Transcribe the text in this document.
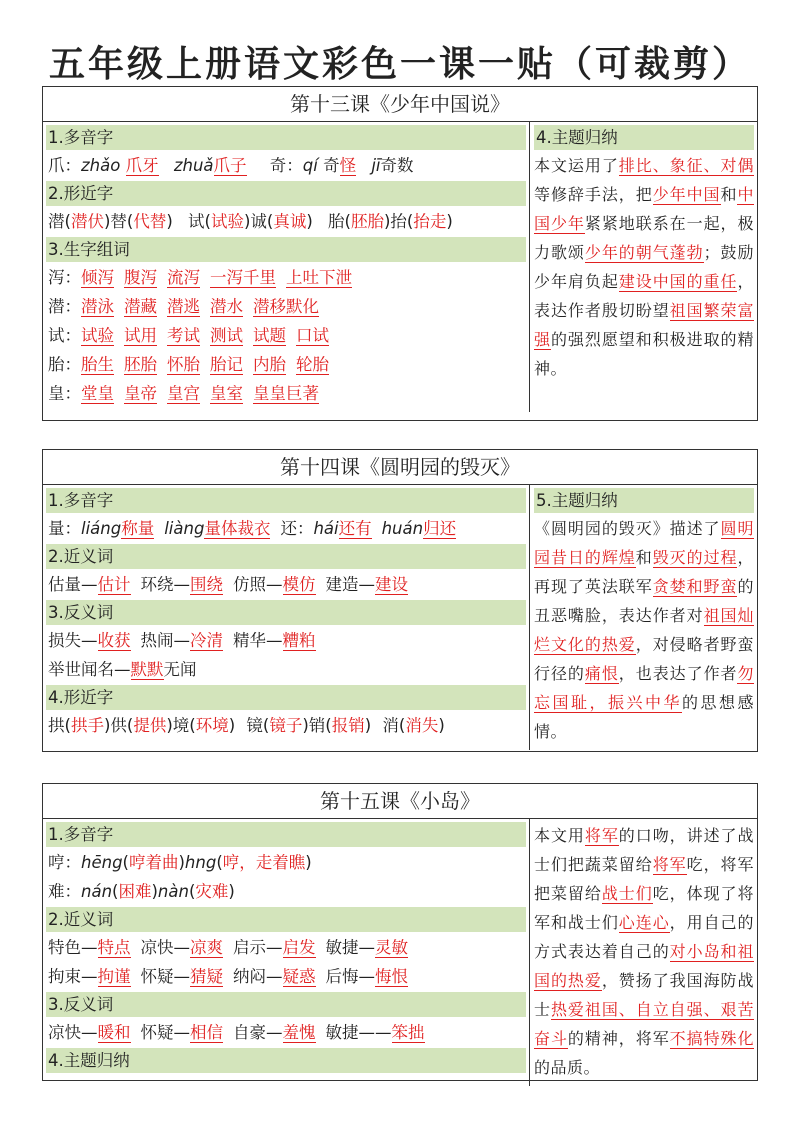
五年级上册语文彩色一课一贴（可裁剪）
第十三课《少年中国说》
1.多音字
爪：zhǎo 爪牙 zhuǎ爪子 奇：qí 奇怪 jī奇数
2.形近字
潜(潜伏)替(代替) 试(试验)诚(真诚) 胎(胚胎)抬(抬走)
3.生字组词
泻：倾泻 腹泻 流泻 一泻千里 上吐下泄
潜：潜泳 潜藏 潜逃 潜水 潜移默化
试：试验 试用 考试 测试 试题 口试
胎：胎生 胚胎 怀胎 胎记 内胎 轮胎
皇：堂皇 皇帝 皇宫 皇室 皇皇巨著
4.主题归纳
本文运用了排比、象征、对偶等修辞手法，把少年中国和中国少年紧紧地联系在一起，极力歌颂少年的朝气蓬勃；鼓励少年肩负起建设中国的重任，表达作者殷切盼望祖国繁荣富强的强烈愿望和积极进取的精神。
第十四课《圆明园的毁灭》
1.多音字
量：liáng称量 liàng量体裁衣 还：hái还有 huán归还
2.近义词
估量—估计 环绕—围绕 仿照—模仿 建造—建设
3.反义词
损失—收获 热闹—冷清 精华—糟粕
举世闻名—默默无闻
4.形近字
拱(拱手)供(提供)境(环境) 镜(镜子)销(报销) 消(消失)
5.主题归纳
《圆明园的毁灭》描述了圆明园昔日的辉煌和毁灭的过程，再现了英法联军贪婪和野蛮的丑恶嘴脸，表达作者对祖国灿烂文化的热爱，对侵略者野蛮行径的痛恨，也表达了作者勿忘国耻，振兴中华的思想感情。
第十五课《小岛》
1.多音字
哼：hēng(哼着曲)hng(哼，走着瞧)
难：nán(困难)nàn(灾难)
2.近义词
特色—特点 凉快—凉爽 启示—启发 敏捷—灵敏
拘束—拘谨 怀疑—猜疑 纳闷—疑惑 后悔—悔恨
3.反义词
凉快—暖和 怀疑—相信 自豪—羞愧 敏捷——笨拙
4.主题归纳
本文用将军的口吻，讲述了战士们把蔬菜留给将军吃，将军把菜留给战士们吃，体现了将军和战士们心连心，用自己的方式表达着自己的对小岛和祖国的热爱，赞扬了我国海防战士热爱祖国、自立自强、艰苦奋斗的精神，将军不搞特殊化的品质。
